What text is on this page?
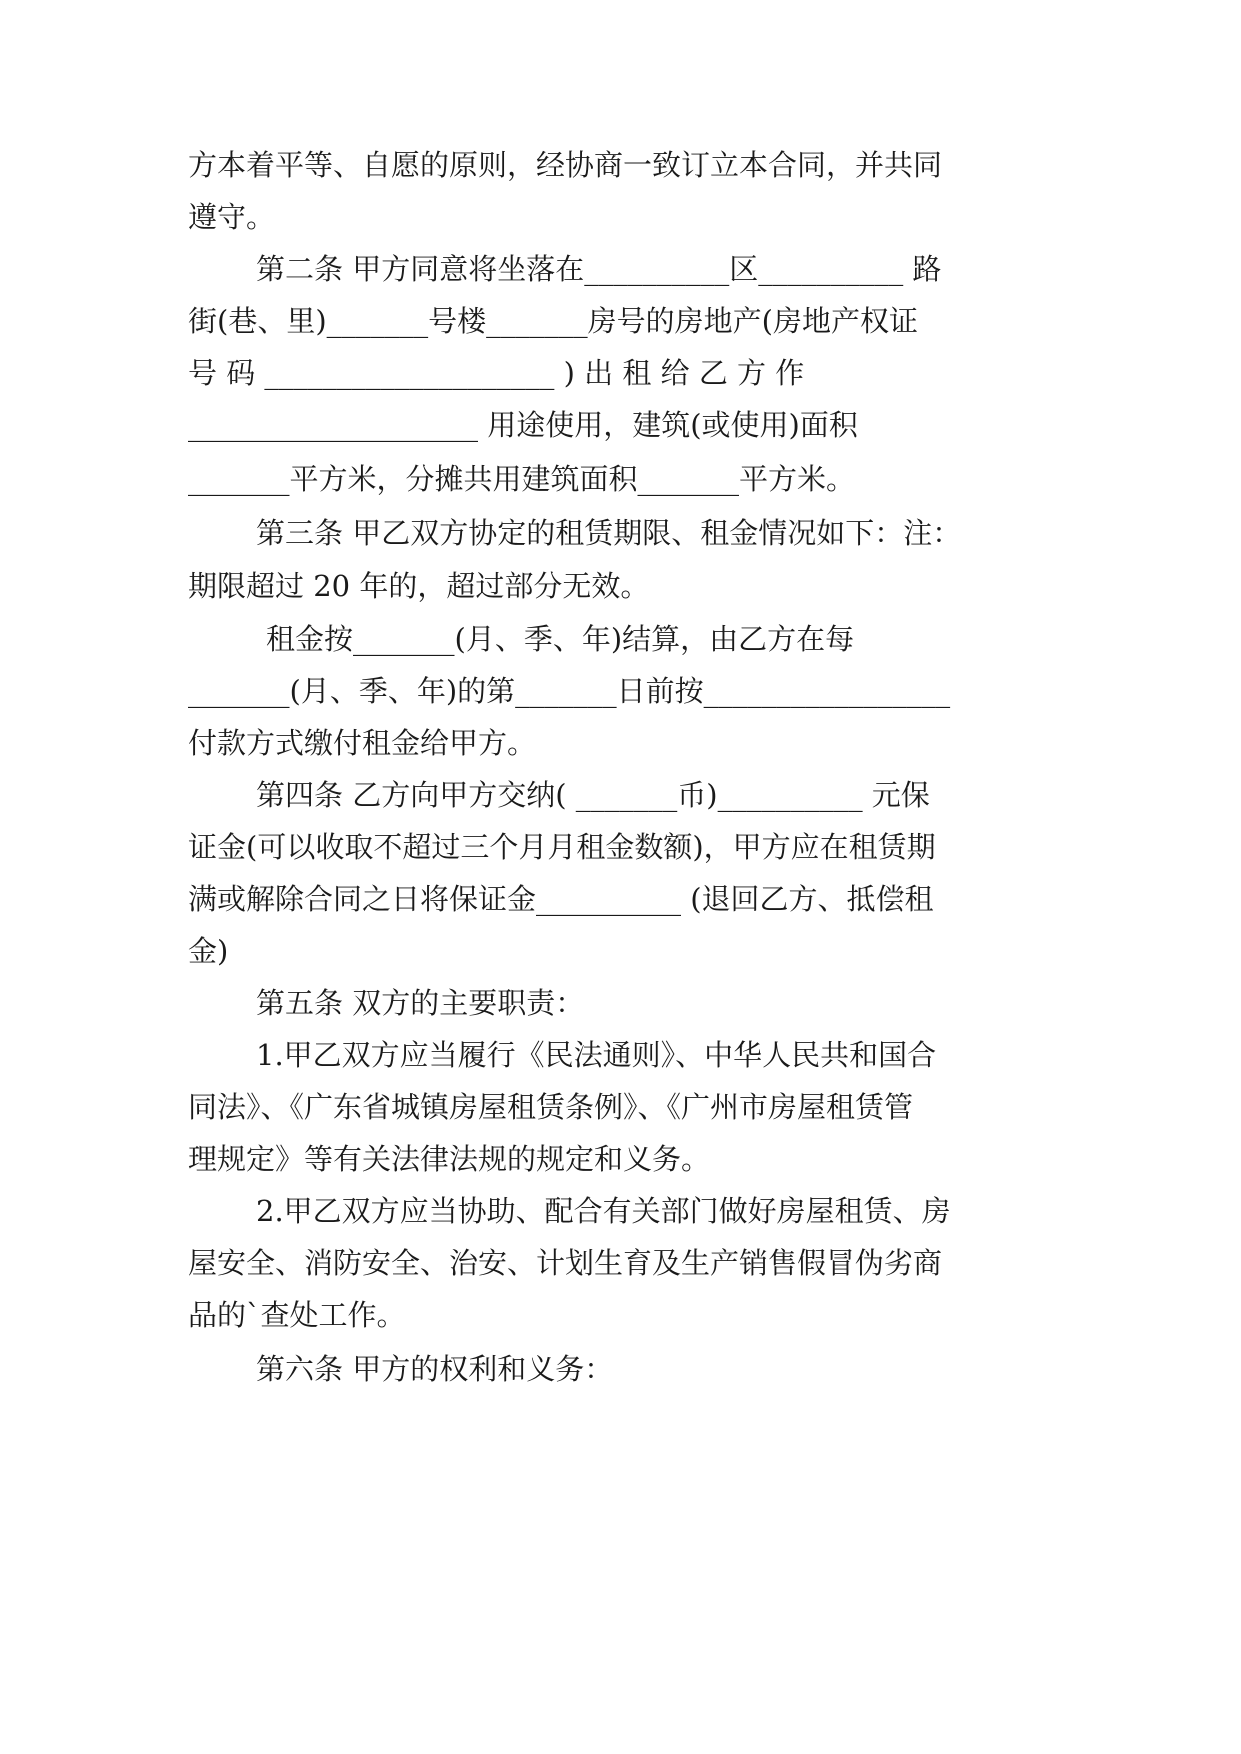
方本着平等、自愿的原则，经协商一致订立本合同，并共同
遵守。
第二条 甲方同意将坐落在__________区__________ 路
街(巷、里)_______号楼_______房号的房地产(房地产权证
号 码 ____________________ ) 出 租 给 乙 方 作
____________________ 用途使用，建筑(或使用)面积
_______平方米，分摊共用建筑面积_______平方米。
第三条 甲乙双方协定的租赁期限、租金情况如下：注：
期限超过 20 年的，超过部分无效。
租金按_______(月、季、年)结算，由乙方在每
_______(月、季、年)的第_______日前按_________________
付款方式缴付租金给甲方。
第四条 乙方向甲方交纳( _______币)__________ 元保
证金(可以收取不超过三个月月租金数额)，甲方应在租赁期
满或解除合同之日将保证金__________ (退回乙方、抵偿租
金)
第五条 双方的主要职责：
1.甲乙双方应当履行《民法通则》、中华人民共和国合
同法》、《广东省城镇房屋租赁条例》、《广州市房屋租赁管
理规定》等有关法律法规的规定和义务。
2.甲乙双方应当协助、配合有关部门做好房屋租赁、房
屋安全、消防安全、治安、计划生育及生产销售假冒伪劣商
品的`查处工作。
第六条 甲方的权利和义务：
